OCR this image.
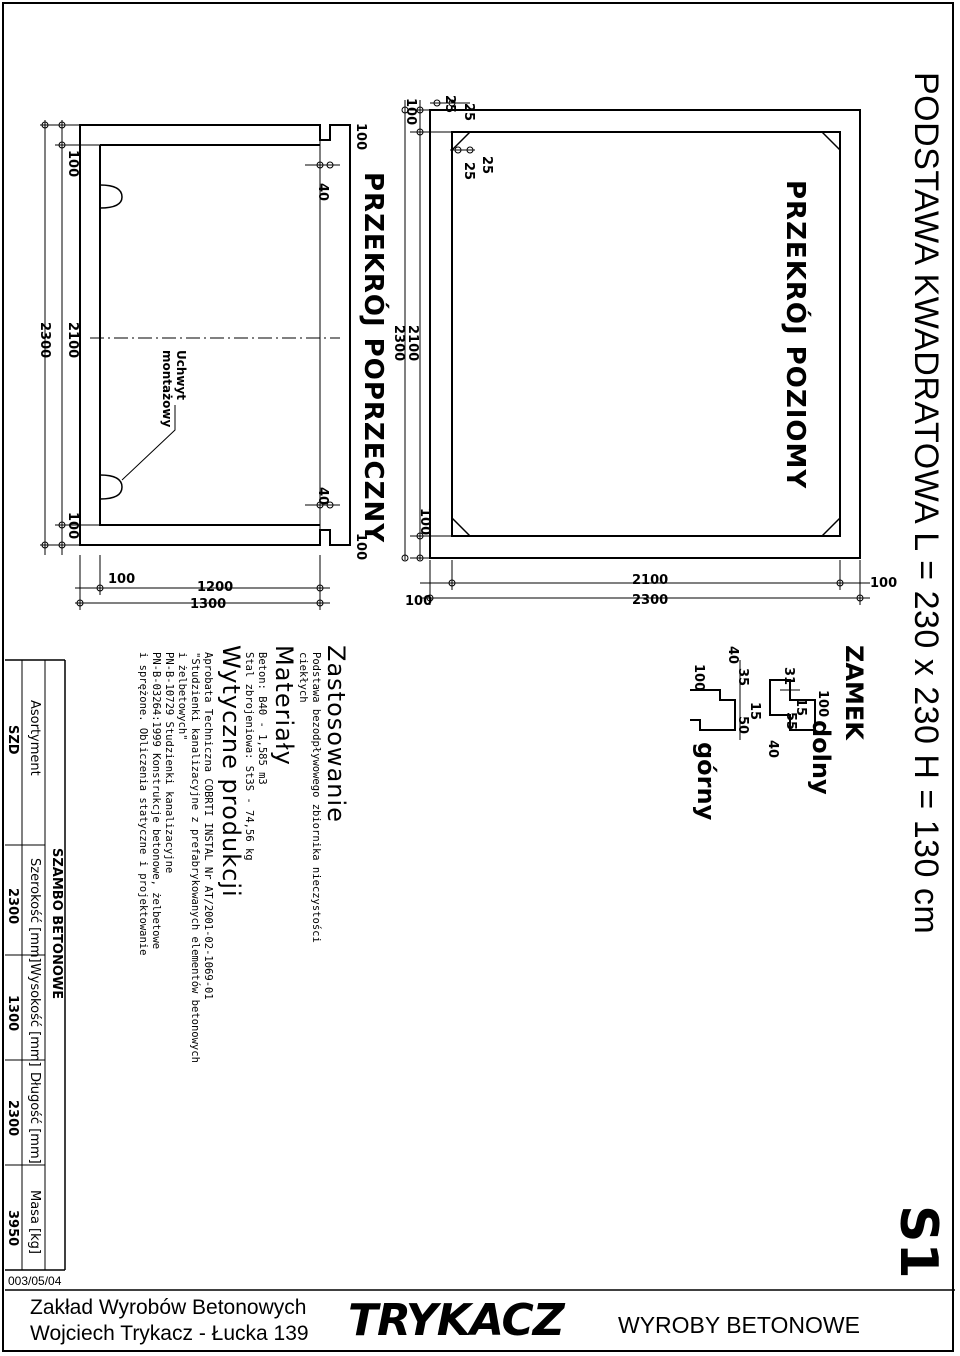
PODSTAWA KWADRATOWA L = 230 x 230 H = 130 cm
S1
PRZEKRÓJ POZIOMY
PRZEKRÓJ POPRZECZNY
ZAMEK
dolny
górny
Uchwyt
montażowy
100 25 25
25 25
2100
2300
100
2100
2300
100
100
100
100
40
40
100
2100
2300
100
100
1200
1300
100
31
15
55
40
40
35
15
50
100
Zastosowanie
Podstawa bezodpływowego zbiornika nieczystości
ciekłych
Materiały
Beton: B40 - 1,585 m3
Stal zbrojeniowa: St3S - 74,56 kg
Wytyczne produkcji
Aprobata Techniczna COBRTI INSTAL Nr AT/2001-02-1069-01
"Studzienki kanalizacyjne z prefabrykowanych elementów betonowych
i żelbetowych"
PN-B-10729 Studzienki kanalizacyjne
PN-B-03264:1999 Konstrukcje betonowe, żelbetowe
i sprężone. Obliczenia statyczne i projektowanie
SZAMBO BETONOWE
Asortyment
Szerokość [mm]
Wysokość [mm]
Długość [mm]
Masa [kg]
SZD
2300
1300
2300
3950
003/05/04
Zakład Wyrobów Betonowych
Wojciech Trykacz - Łucka 139 TRYKACZ WYROBY BETONOWE
